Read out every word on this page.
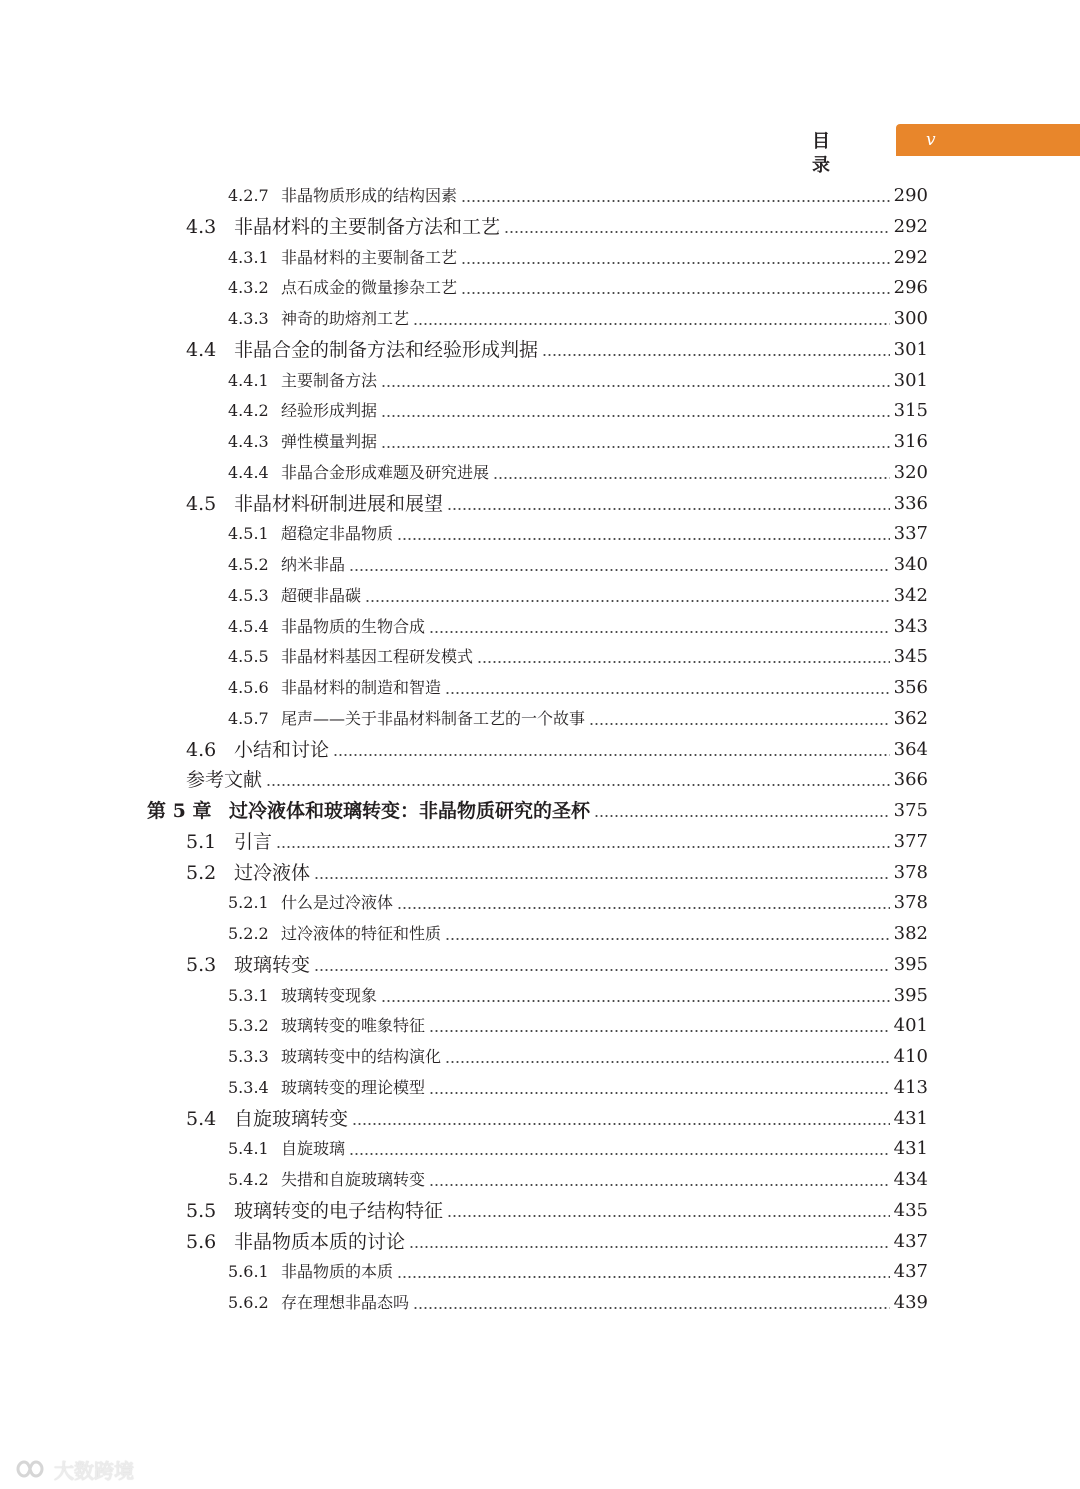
目录
v
4.2.7 非晶物质形成的结构因素	290
4.3 非晶材料的主要制备方法和工艺	292
4.3.1 非晶材料的主要制备工艺	292
4.3.2 点石成金的微量掺杂工艺	296
4.3.3 神奇的助熔剂工艺	300
4.4 非晶合金的制备方法和经验形成判据	301
4.4.1 主要制备方法	301
4.4.2 经验形成判据	315
4.4.3 弹性模量判据	316
4.4.4 非晶合金形成难题及研究进展	320
4.5 非晶材料研制进展和展望	336
4.5.1 超稳定非晶物质	337
4.5.2 纳米非晶	340
4.5.3 超硬非晶碳	342
4.5.4 非晶物质的生物合成	343
4.5.5 非晶材料基因工程研发模式	345
4.5.6 非晶材料的制造和智造	356
4.5.7 尾声——关于非晶材料制备工艺的一个故事	362
4.6 小结和讨论	364
参考文献	366
第 5 章 过冷液体和玻璃转变：非晶物质研究的圣杯	375
5.1 引言	377
5.2 过冷液体	378
5.2.1 什么是过冷液体	378
5.2.2 过冷液体的特征和性质	382
5.3 玻璃转变	395
5.3.1 玻璃转变现象	395
5.3.2 玻璃转变的唯象特征	401
5.3.3 玻璃转变中的结构演化	410
5.3.4 玻璃转变的理论模型	413
5.4 自旋玻璃转变	431
5.4.1 自旋玻璃	431
5.4.2 失措和自旋玻璃转变	434
5.5 玻璃转变的电子结构特征	435
5.6 非晶物质本质的讨论	437
5.6.1 非晶物质的本质	437
5.6.2 存在理想非晶态吗	439
大数跨境
